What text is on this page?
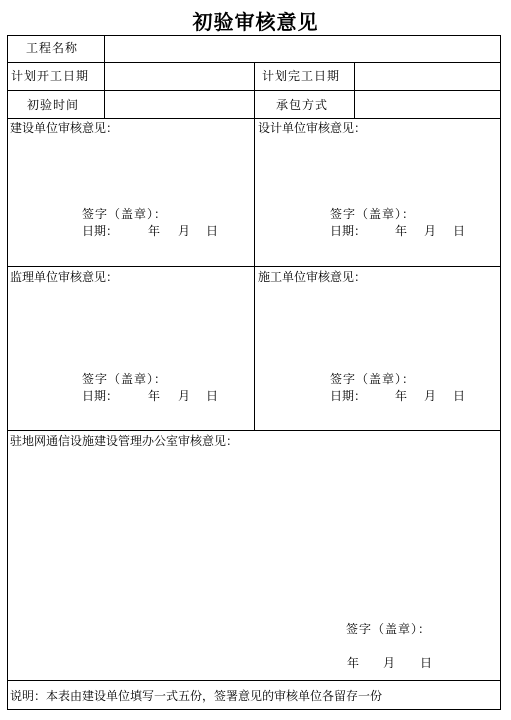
初验审核意见
工程名称
计划开工日期	计划完工日期
初验时间	承包方式
建设单位审核意见：
签字（盖章）：
日期： 年 月 日
设计单位审核意见：
签字（盖章）：
日期： 年 月 日
监理单位审核意见：
签字（盖章）：
日期： 年 月 日
施工单位审核意见：
签字（盖章）：
日期： 年 月 日
驻地网通信设施建设管理办公室审核意见：
签字（盖章）：
年 月 日
说明：本表由建设单位填写一式五份，签署意见的审核单位各留存一份
